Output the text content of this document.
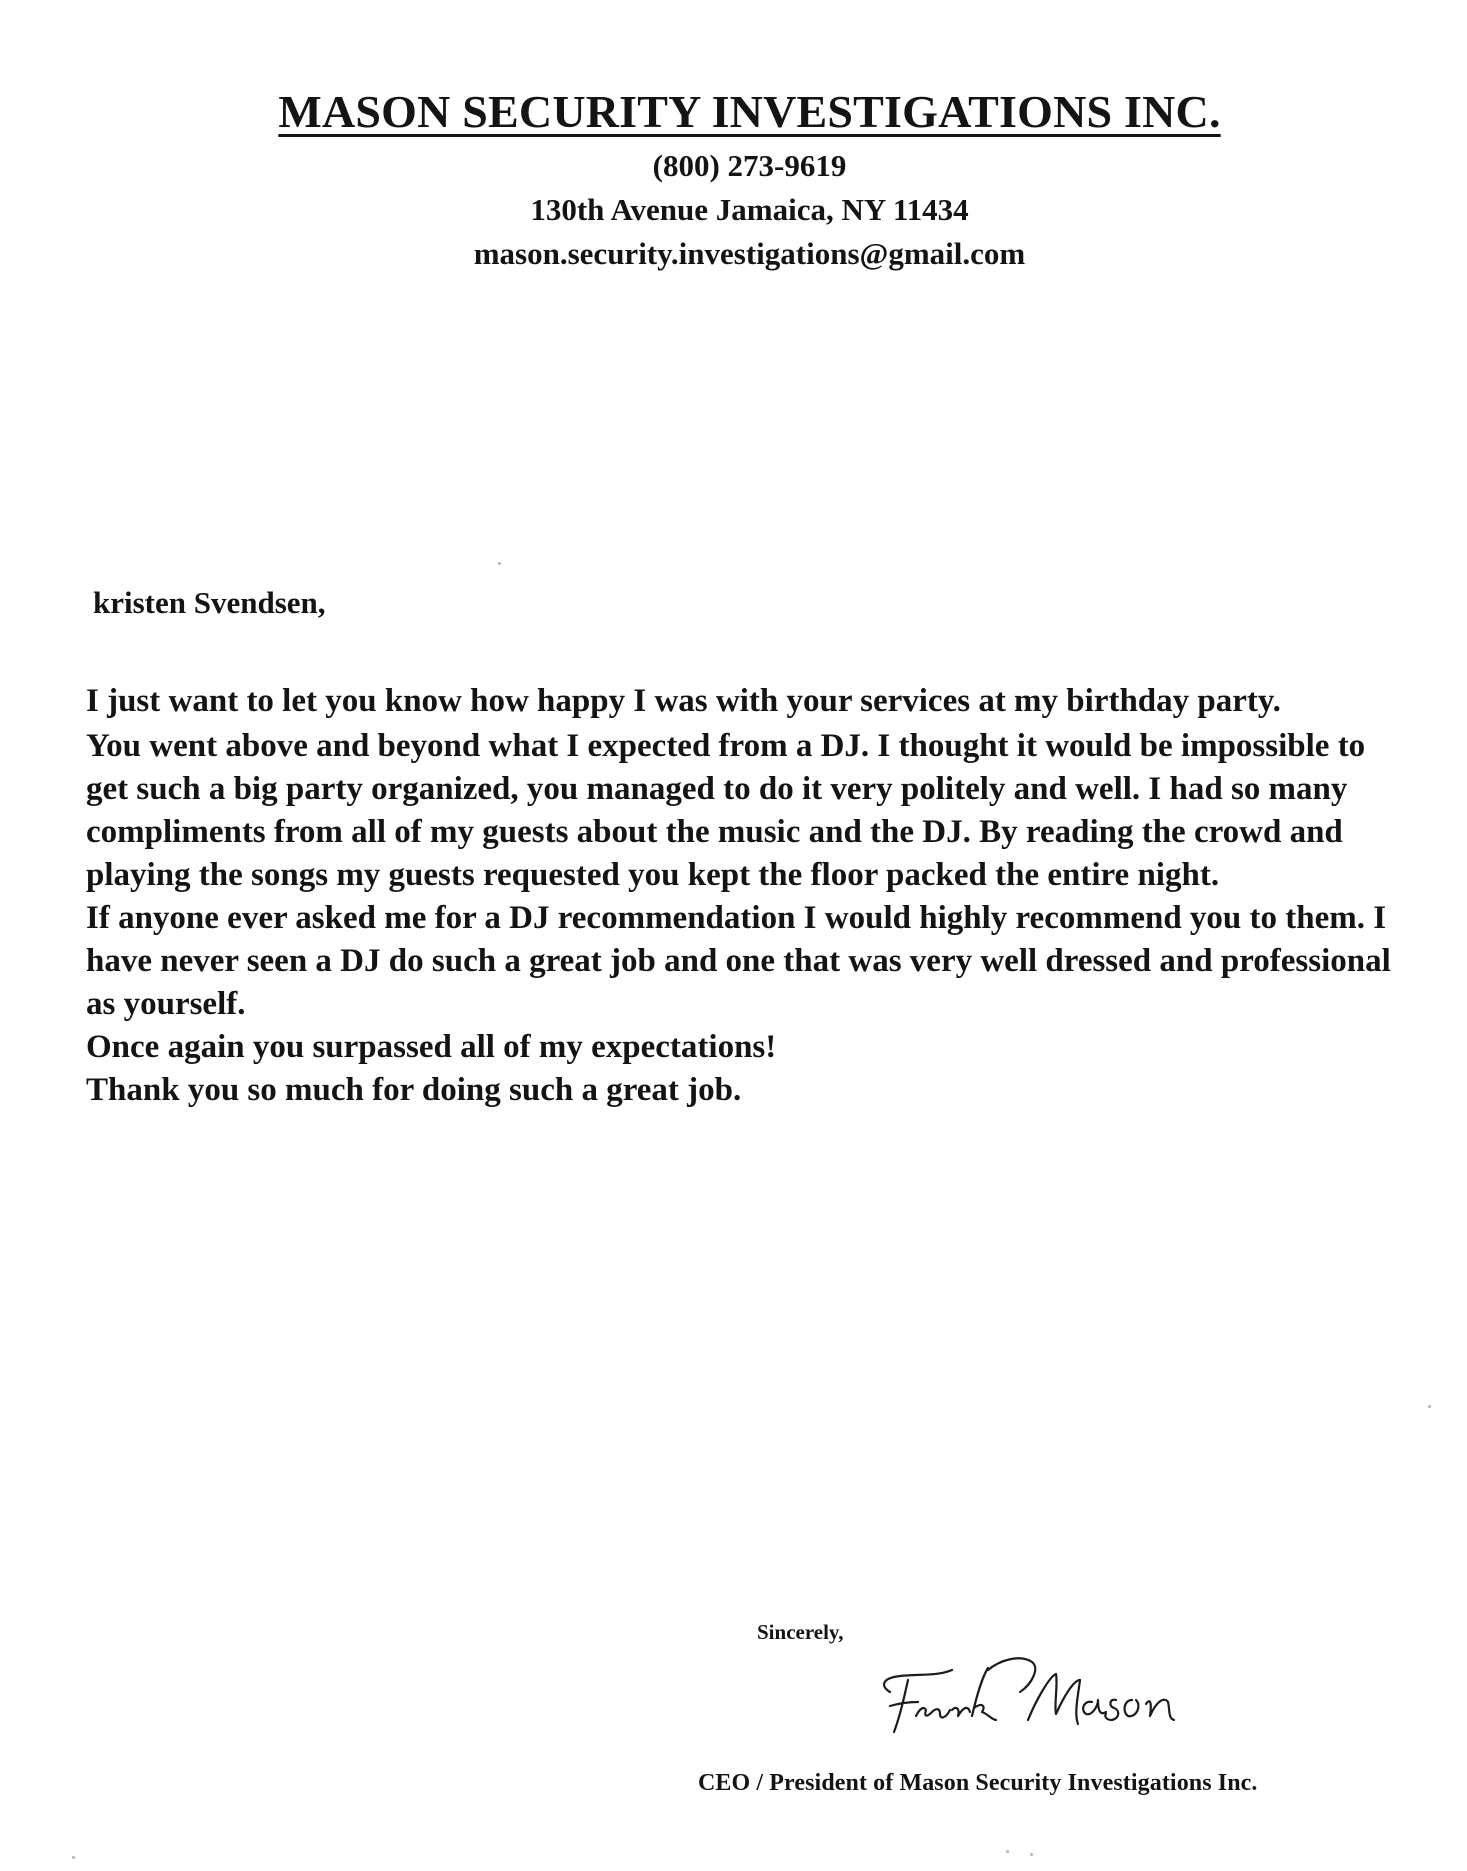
MASON SECURITY INVESTIGATIONS INC.

(800) 273-9619

130th Avenue Jamaica, NY 11434

mason.security.investigations@gmail.com

kristen Svendsen,

I just want to let you know how happy I was with your services at my birthday party.

You went above and beyond what I expected from a DJ. I thought it would be impossible to get such a big party organized, you managed to do it very politely and well. I had so many compliments from all of my guests about the music and the DJ. By reading the crowd and playing the songs my guests requested you kept the floor packed the entire night.

If anyone ever asked me for a DJ recommendation I would highly recommend you to them. I have never seen a DJ do such a great job and one that was very well dressed and professional as yourself.

Once again you surpassed all of my expectations!

Thank you so much for doing such a great job.

Sincerely,

CEO / President of Mason Security Investigations Inc.
